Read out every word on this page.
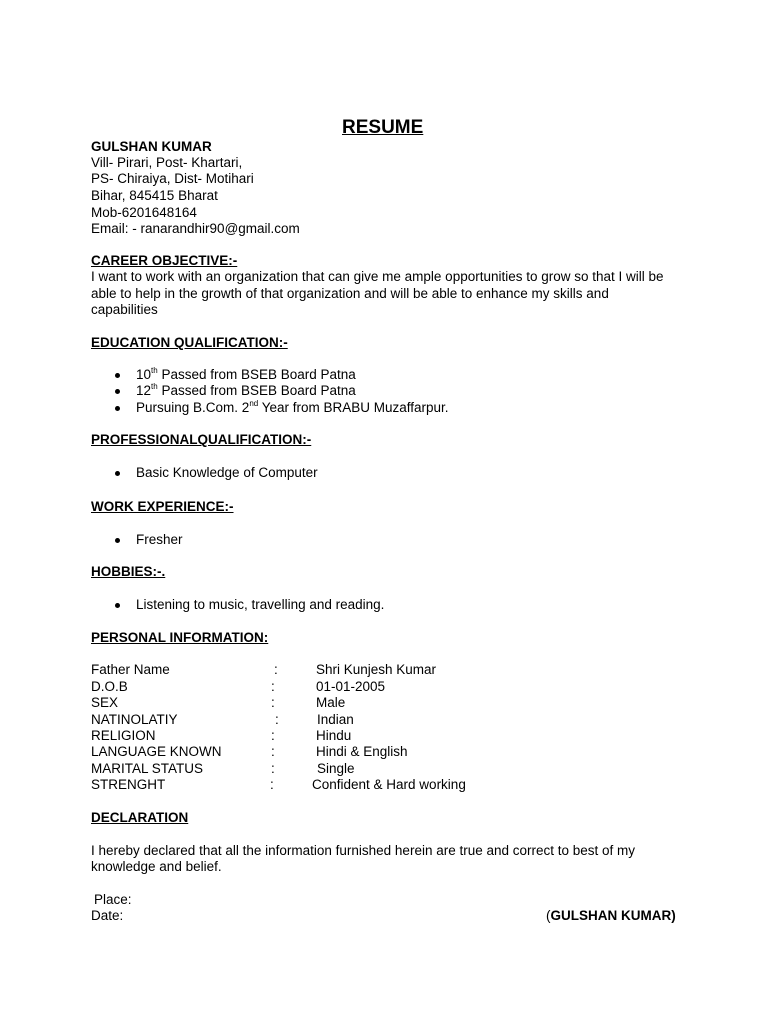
RESUME
GULSHAN KUMAR
Vill- Pirari, Post- Khartari,
PS- Chiraiya, Dist- Motihari
Bihar, 845415 Bharat
Mob-6201648164
Email: - ranarandhir90@gmail.com
CAREER OBJECTIVE:-
I want to work with an organization that can give me ample opportunities to grow so that I will be
able to help in the growth of that organization and will be able to enhance my skills and
capabilities
EDUCATION QUALIFICATION:-
10th Passed from BSEB Board Patna
12th Passed from BSEB Board Patna
Pursuing B.Com. 2nd Year from BRABU Muzaffarpur.
PROFESSIONALQUALIFICATION:-
Basic Knowledge of Computer
WORK EXPERIENCE:-
Fresher
HOBBIES:-.
Listening to music, travelling and reading.
PERSONAL INFORMATION:
Father Name	:	Shri Kunjesh Kumar
D.O.B	:	01-01-2005
SEX	:	Male
NATINOLATIY	:	Indian
RELIGION	:	Hindu
LANGUAGE KNOWN	:	Hindi & English
MARITAL STATUS	:	Single
STRENGHT	:	Confident & Hard working
DECLARATION
I hereby declared that all the information furnished herein are true and correct to best of my
knowledge and belief.
Place:
Date:	(GULSHAN KUMAR)
